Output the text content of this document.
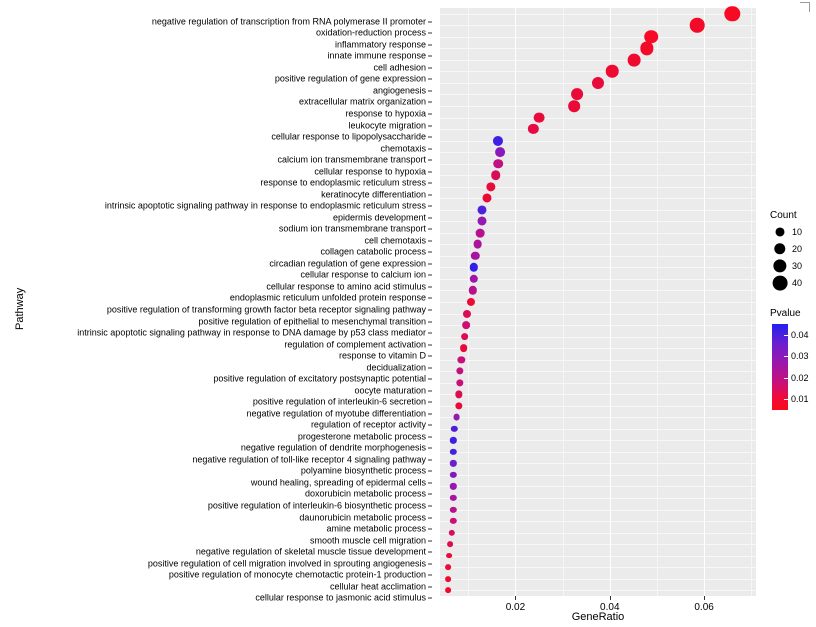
negative regulation of transcription from RNA polymerase II promoter
oxidation-reduction process
inflammatory response
innate immune response
cell adhesion
positive regulation of gene expression
angiogenesis
extracellular matrix organization
response to hypoxia
leukocyte migration
cellular response to lipopolysaccharide
chemotaxis
calcium ion transmembrane transport
cellular response to hypoxia
response to endoplasmic reticulum stress
keratinocyte differentiation
intrinsic apoptotic signaling pathway in response to endoplasmic reticulum stress
epidermis development
sodium ion transmembrane transport
cell chemotaxis
collagen catabolic process
circadian regulation of gene expression
cellular response to calcium ion
cellular response to amino acid stimulus
endoplasmic reticulum unfolded protein response
positive regulation of transforming growth factor beta receptor signaling pathway
positive regulation of epithelial to mesenchymal transition
intrinsic apoptotic signaling pathway in response to DNA damage by p53 class mediator
regulation of complement activation
response to vitamin D
decidualization
positive regulation of excitatory postsynaptic potential
oocyte maturation
positive regulation of interleukin-6 secretion
negative regulation of myotube differentiation
regulation of receptor activity
progesterone metabolic process
negative regulation of dendrite morphogenesis
negative regulation of toll-like receptor 4 signaling pathway
polyamine biosynthetic process
wound healing, spreading of epidermal cells
doxorubicin metabolic process
positive regulation of interleukin-6 biosynthetic process
daunorubicin metabolic process
amine metabolic process
smooth muscle cell migration
negative regulation of skeletal muscle tissue development
positive regulation of cell migration involved in sprouting angiogenesis
positive regulation of monocyte chemotactic protein-1 production
cellular heat acclimation
cellular response to jasmonic acid stimulus
0.02	0.04	0.06
GeneRatio
Pathway
Count
10
20
30
40
Pvalue
0.04
0.03
0.02
0.01
